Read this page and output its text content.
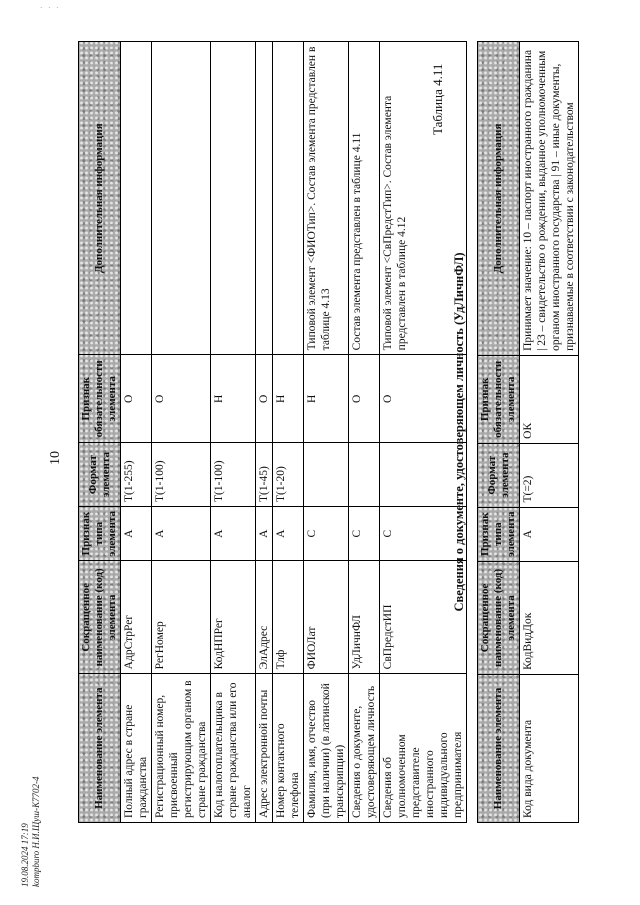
· · ·
10
Наименование элемента	Сокращенное наименование (код) элемента	Признак типа элемента	Формат элемента	Признак обязательности элемента	Дополнительная информация
Полный адрес в стране гражданства	АдрСтрРег	А	Т(1-255)	О	
Регистрационный номер, присвоенный регистрирующим органом в стране гражданства	РегНомер	А	Т(1-100)	О	
Код налогоплательщика в стране гражданства или его аналог	КодНПРег	А	Т(1-100)	Н	
Адрес электронной почты	ЭлАдрес	А	Т(1-45)	О	
Номер контактного телефона	Тлф	А	Т(1-20)	Н	
Фамилия, имя, отчество (при наличии) (в латинской транскрипции)	ФИОЛат	С		Н	Типовой элемент <ФИОТип>. Состав элемента представлен в таблице 4.13
Сведения о документе, удостоверяющем личность	УдЛичнФЛ	С		О	Состав элемента представлен в таблице 4.11
Сведения об уполномоченном представителе иностранного индивидуального предпринимателя	СвПредстИП	С		О	Типовой элемент <СвПредстТип>. Состав элемента представлен в таблице 4.12
Таблица 4.11
Сведения о документе, удостоверяющем личность (УдЛичнФЛ)
Наименование элемента	Сокращенное наименование (код) элемента	Признак типа элемента	Формат элемента	Признак обязательности элемента	Дополнительная информация
Код вида документа	КодВидДок	А	Т(=2)	ОК	Принимает значение: 10 – паспорт иностранного гражданина | 23 – свидетельство о рождении, выданное уполномоченным органом иностранного государства | 91 – иные документы, признаваемые в соответствии с законодательством
19.08.2024 17:19 kompburo Н.И.Щуш-К7702-4
